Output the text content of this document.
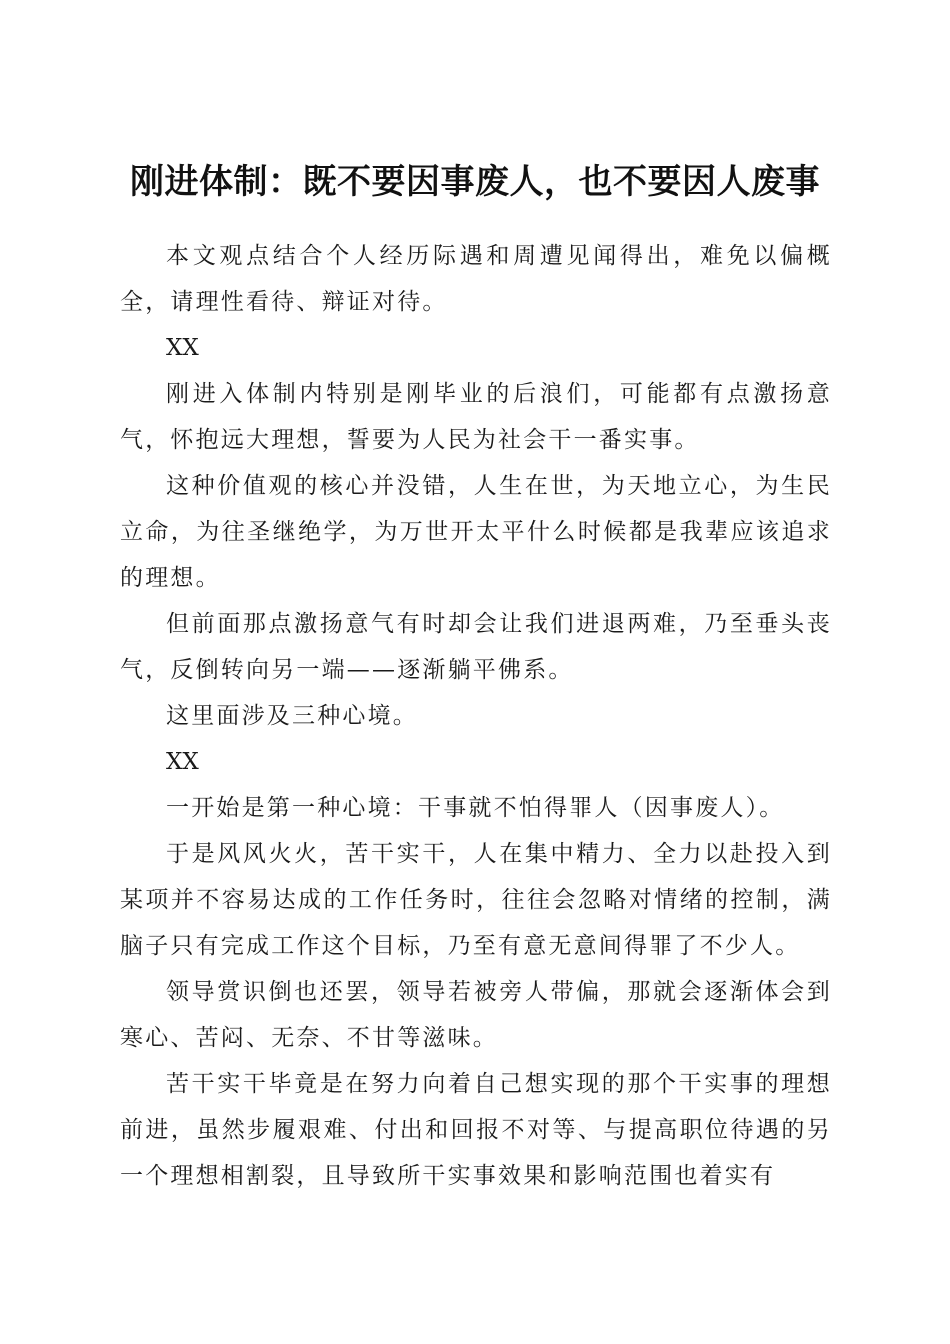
刚进体制：既不要因事废人，也不要因人废事

本文观点结合个人经历际遇和周遭见闻得出，难免以偏概全，请理性看待、辩证对待。

XX

刚进入体制内特别是刚毕业的后浪们，可能都有点激扬意气，怀抱远大理想，誓要为人民为社会干一番实事。

这种价值观的核心并没错，人生在世，为天地立心，为生民立命，为往圣继绝学，为万世开太平什么时候都是我辈应该追求的理想。

但前面那点激扬意气有时却会让我们进退两难，乃至垂头丧气，反倒转向另一端——逐渐躺平佛系。

这里面涉及三种心境。

XX

一开始是第一种心境：干事就不怕得罪人（因事废人）。

于是风风火火，苦干实干，人在集中精力、全力以赴投入到某项并不容易达成的工作任务时，往往会忽略对情绪的控制，满脑子只有完成工作这个目标，乃至有意无意间得罪了不少人。

领导赏识倒也还罢，领导若被旁人带偏，那就会逐渐体会到寒心、苦闷、无奈、不甘等滋味。

苦干实干毕竟是在努力向着自己想实现的那个干实事的理想前进，虽然步履艰难、付出和回报不对等、与提高职位待遇的另一个理想相割裂，且导致所干实事效果和影响范围也着实有
